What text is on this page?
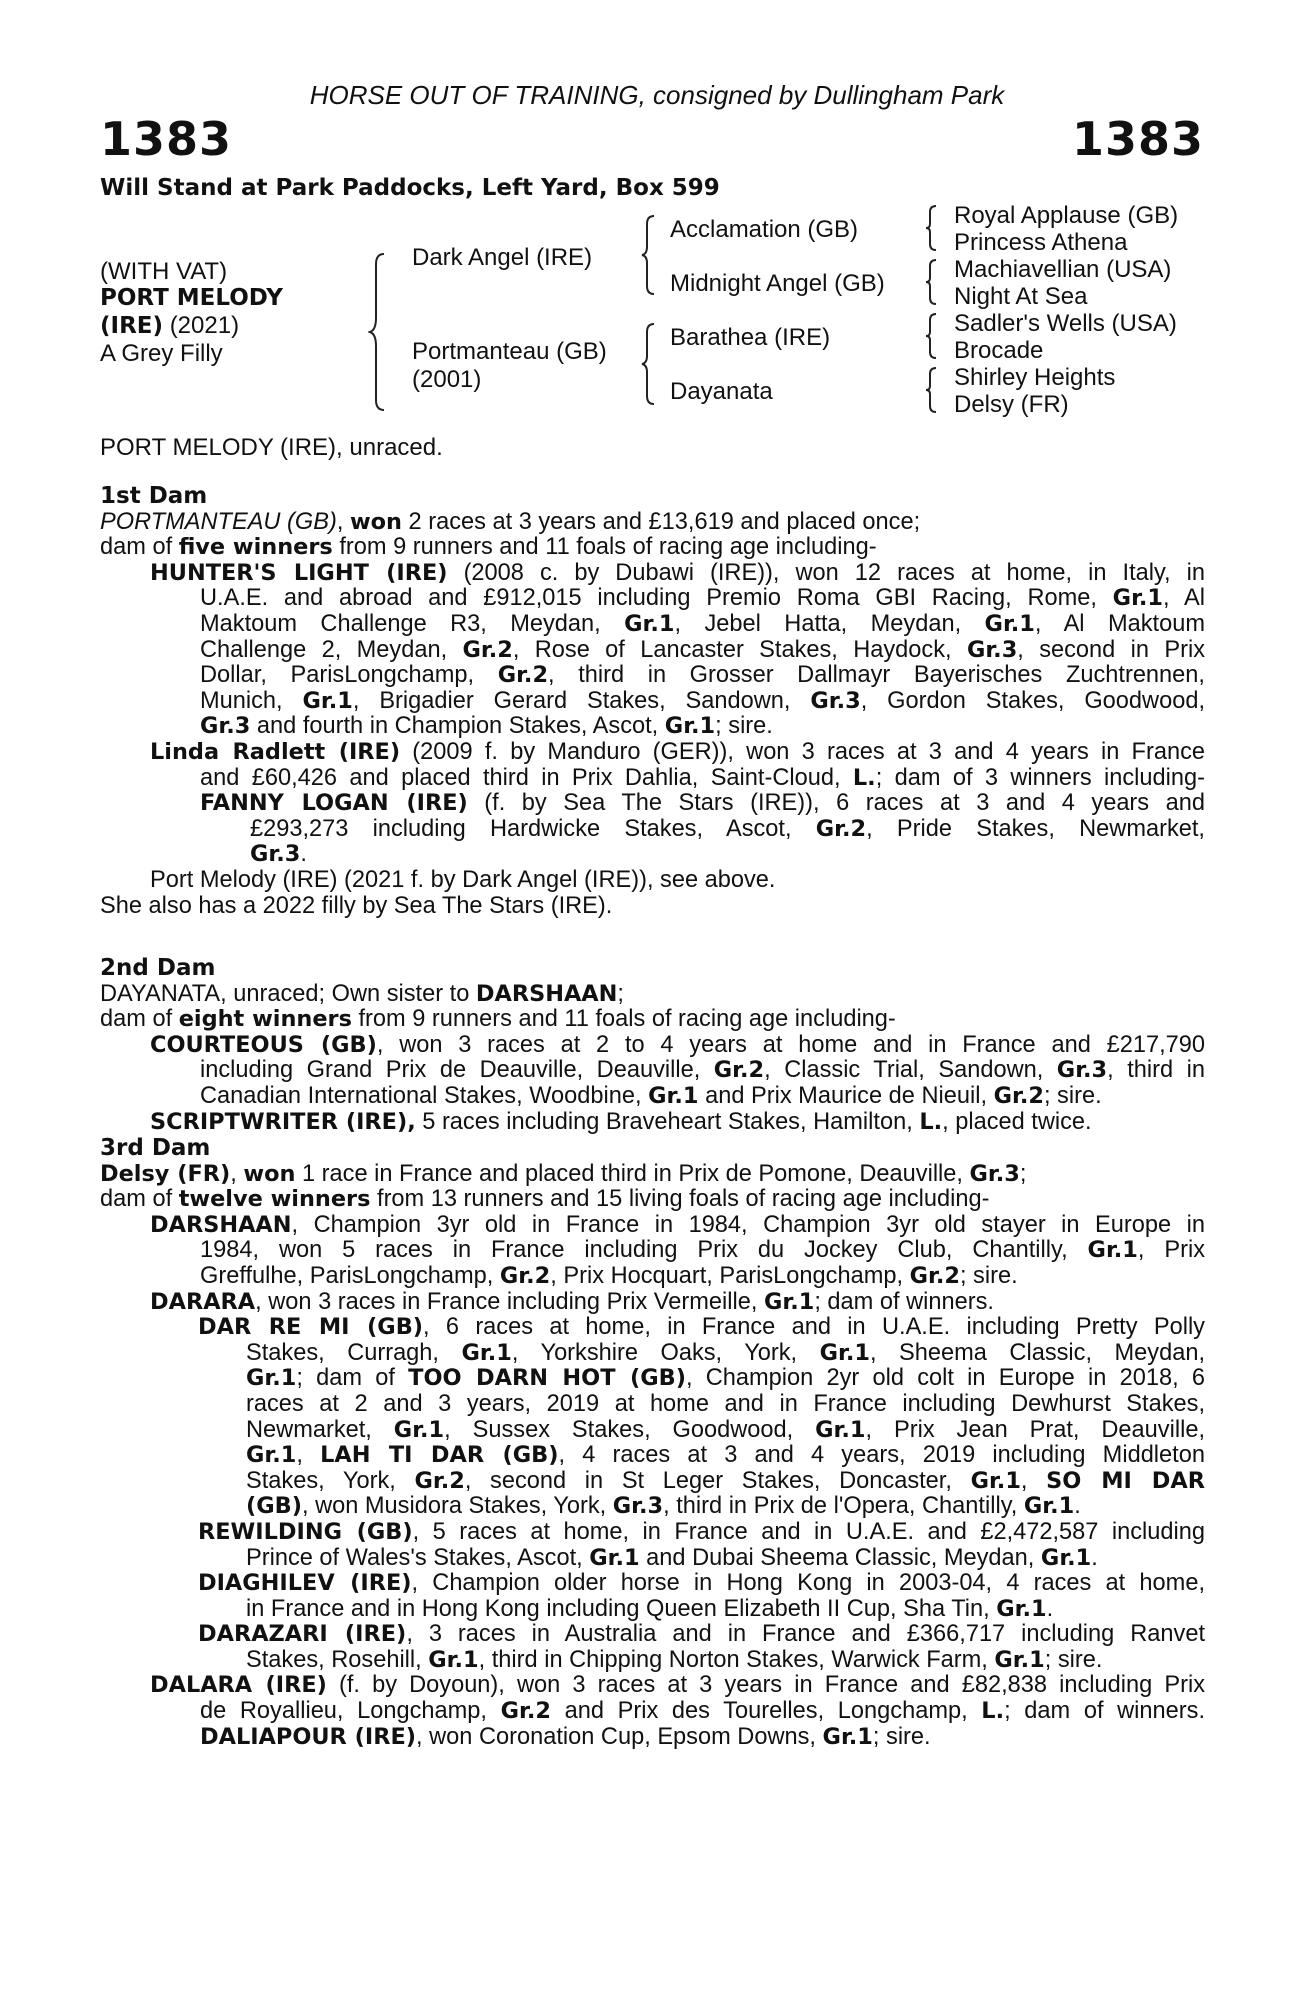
HORSE OUT OF TRAINING, consigned by Dullingham Park
1383	1383
Will Stand at Park Paddocks, Left Yard, Box 599
(WITH VAT)
PORT MELODY
(IRE) (2021)
A Grey Filly
Dark Angel (IRE)
Portmanteau (GB)
(2001)
Acclamation (GB)
Midnight Angel (GB)
Barathea (IRE)
Dayanata
Royal Applause (GB)
Princess Athena
Machiavellian (USA)
Night At Sea
Sadler's Wells (USA)
Brocade
Shirley Heights
Delsy (FR)
PORT MELODY (IRE), unraced.
1st Dam
PORTMANTEAU (GB), won 2 races at 3 years and £13,619 and placed once;
dam of five winners from 9 runners and 11 foals of racing age including-
HUNTER'S LIGHT (IRE) (2008 c. by Dubawi (IRE)), won 12 races at home, in Italy, in
U.A.E. and abroad and £912,015 including Premio Roma GBI Racing, Rome, Gr.1, Al
Maktoum Challenge R3, Meydan, Gr.1, Jebel Hatta, Meydan, Gr.1, Al Maktoum
Challenge 2, Meydan, Gr.2, Rose of Lancaster Stakes, Haydock, Gr.3, second in Prix
Dollar, ParisLongchamp, Gr.2, third in Grosser Dallmayr Bayerisches Zuchtrennen,
Munich, Gr.1, Brigadier Gerard Stakes, Sandown, Gr.3, Gordon Stakes, Goodwood,
Gr.3 and fourth in Champion Stakes, Ascot, Gr.1; sire.
Linda Radlett (IRE) (2009 f. by Manduro (GER)), won 3 races at 3 and 4 years in France
and £60,426 and placed third in Prix Dahlia, Saint-Cloud, L.; dam of 3 winners including-
FANNY LOGAN (IRE) (f. by Sea The Stars (IRE)), 6 races at 3 and 4 years and
£293,273 including Hardwicke Stakes, Ascot, Gr.2, Pride Stakes, Newmarket,
Gr.3.
Port Melody (IRE) (2021 f. by Dark Angel (IRE)), see above.
She also has a 2022 filly by Sea The Stars (IRE).
2nd Dam
DAYANATA, unraced; Own sister to DARSHAAN;
dam of eight winners from 9 runners and 11 foals of racing age including-
COURTEOUS (GB), won 3 races at 2 to 4 years at home and in France and £217,790
including Grand Prix de Deauville, Deauville, Gr.2, Classic Trial, Sandown, Gr.3, third in
Canadian International Stakes, Woodbine, Gr.1 and Prix Maurice de Nieuil, Gr.2; sire.
SCRIPTWRITER (IRE), 5 races including Braveheart Stakes, Hamilton, L., placed twice.
3rd Dam
Delsy (FR), won 1 race in France and placed third in Prix de Pomone, Deauville, Gr.3;
dam of twelve winners from 13 runners and 15 living foals of racing age including-
DARSHAAN, Champion 3yr old in France in 1984, Champion 3yr old stayer in Europe in
1984, won 5 races in France including Prix du Jockey Club, Chantilly, Gr.1, Prix
Greffulhe, ParisLongchamp, Gr.2, Prix Hocquart, ParisLongchamp, Gr.2; sire.
DARARA, won 3 races in France including Prix Vermeille, Gr.1; dam of winners.
DAR RE MI (GB), 6 races at home, in France and in U.A.E. including Pretty Polly
Stakes, Curragh, Gr.1, Yorkshire Oaks, York, Gr.1, Sheema Classic, Meydan,
Gr.1; dam of TOO DARN HOT (GB), Champion 2yr old colt in Europe in 2018, 6
races at 2 and 3 years, 2019 at home and in France including Dewhurst Stakes,
Newmarket, Gr.1, Sussex Stakes, Goodwood, Gr.1, Prix Jean Prat, Deauville,
Gr.1, LAH TI DAR (GB), 4 races at 3 and 4 years, 2019 including Middleton
Stakes, York, Gr.2, second in St Leger Stakes, Doncaster, Gr.1, SO MI DAR
(GB), won Musidora Stakes, York, Gr.3, third in Prix de l'Opera, Chantilly, Gr.1.
REWILDING (GB), 5 races at home, in France and in U.A.E. and £2,472,587 including
Prince of Wales's Stakes, Ascot, Gr.1 and Dubai Sheema Classic, Meydan, Gr.1.
DIAGHILEV (IRE), Champion older horse in Hong Kong in 2003-04, 4 races at home,
in France and in Hong Kong including Queen Elizabeth II Cup, Sha Tin, Gr.1.
DARAZARI (IRE), 3 races in Australia and in France and £366,717 including Ranvet
Stakes, Rosehill, Gr.1, third in Chipping Norton Stakes, Warwick Farm, Gr.1; sire.
DALARA (IRE) (f. by Doyoun), won 3 races at 3 years in France and £82,838 including Prix
de Royallieu, Longchamp, Gr.2 and Prix des Tourelles, Longchamp, L.; dam of winners.
DALIAPOUR (IRE), won Coronation Cup, Epsom Downs, Gr.1; sire.
